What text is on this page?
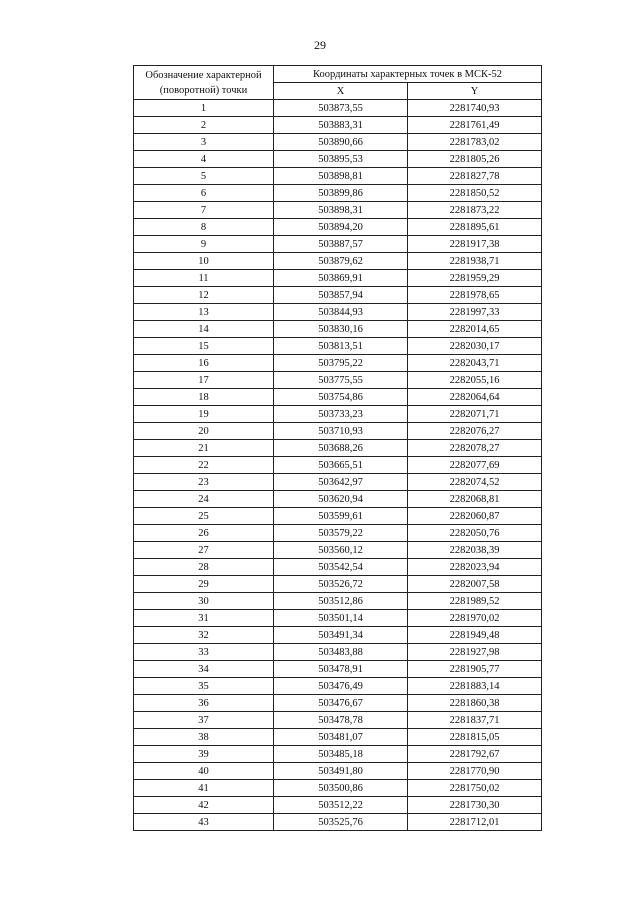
29
Обозначение характерной (поворотной) точки	Координаты характерных точек в МСК-52	
	X	Y
1	503873,55	2281740,93
2	503883,31	2281761,49
3	503890,66	2281783,02
4	503895,53	2281805,26
5	503898,81	2281827,78
6	503899,86	2281850,52
7	503898,31	2281873,22
8	503894,20	2281895,61
9	503887,57	2281917,38
10	503879,62	2281938,71
11	503869,91	2281959,29
12	503857,94	2281978,65
13	503844,93	2281997,33
14	503830,16	2282014,65
15	503813,51	2282030,17
16	503795,22	2282043,71
17	503775,55	2282055,16
18	503754,86	2282064,64
19	503733,23	2282071,71
20	503710,93	2282076,27
21	503688,26	2282078,27
22	503665,51	2282077,69
23	503642,97	2282074,52
24	503620,94	2282068,81
25	503599,61	2282060,87
26	503579,22	2282050,76
27	503560,12	2282038,39
28	503542,54	2282023,94
29	503526,72	2282007,58
30	503512,86	2281989,52
31	503501,14	2281970,02
32	503491,34	2281949,48
33	503483,88	2281927,98
34	503478,91	2281905,77
35	503476,49	2281883,14
36	503476,67	2281860,38
37	503478,78	2281837,71
38	503481,07	2281815,05
39	503485,18	2281792,67
40	503491,80	2281770,90
41	503500,86	2281750,02
42	503512,22	2281730,30
43	503525,76	2281712,01
